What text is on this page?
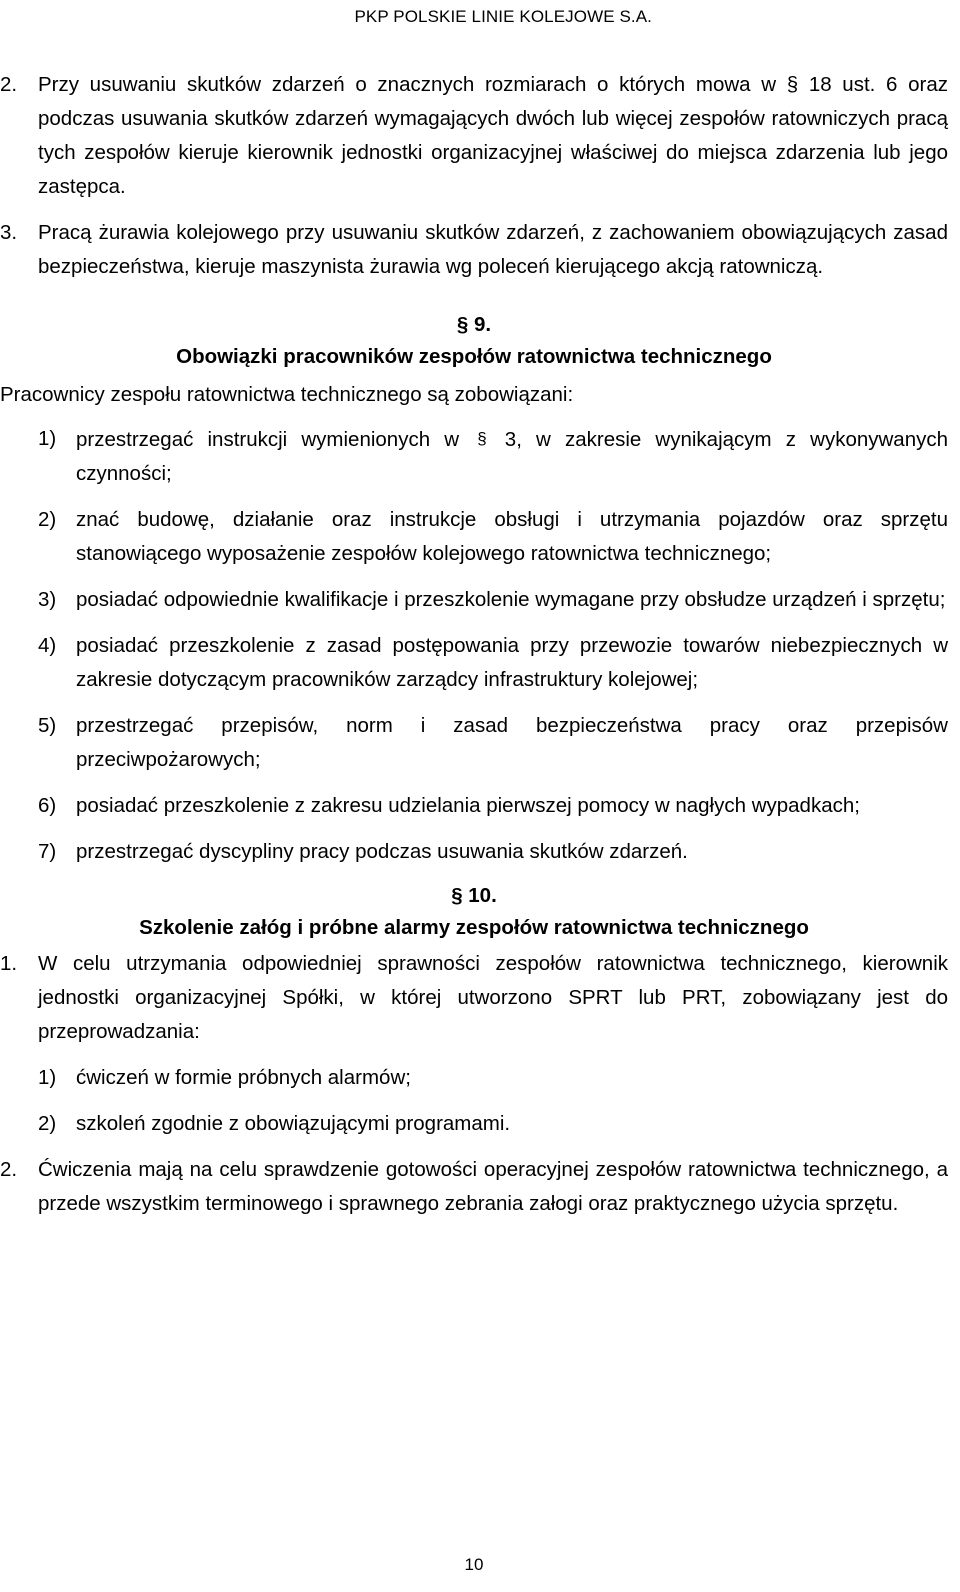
PKP POLSKIE LINIE KOLEJOWE S.A.
2. Przy usuwaniu skutków zdarzeń o znacznych rozmiarach o których mowa w § 18 ust. 6 oraz podczas usuwania skutków zdarzeń wymagających dwóch lub więcej zespołów ratowniczych pracą tych zespołów kieruje kierownik jednostki organizacyjnej właściwej do miejsca zdarzenia lub jego zastępca.
3. Pracą żurawia kolejowego przy usuwaniu skutków zdarzeń, z zachowaniem obowiązujących zasad bezpieczeństwa, kieruje maszynista żurawia wg poleceń kierującego akcją ratowniczą.
§ 9.
Obowiązki pracowników zespołów ratownictwa technicznego
Pracownicy zespołu ratownictwa technicznego są zobowiązani:
1) przestrzegać instrukcji wymienionych w § 3, w zakresie wynikającym z wykonywanych czynności;
2) znać budowę, działanie oraz instrukcje obsługi i utrzymania pojazdów oraz sprzętu stanowiącego wyposażenie zespołów kolejowego ratownictwa technicznego;
3) posiadać odpowiednie kwalifikacje i przeszkolenie wymagane przy obsłudze urządzeń i sprzętu;
4) posiadać przeszkolenie z zasad postępowania przy przewozie towarów niebezpiecznych w zakresie dotyczącym pracowników zarządcy infrastruktury kolejowej;
5) przestrzegać przepisów, norm i zasad bezpieczeństwa pracy oraz przepisów przeciwpożarowych;
6) posiadać przeszkolenie z zakresu udzielania pierwszej pomocy w nagłych wypadkach;
7) przestrzegać dyscypliny pracy podczas usuwania skutków zdarzeń.
§ 10.
Szkolenie załóg i próbne alarmy zespołów ratownictwa technicznego
1. W celu utrzymania odpowiedniej sprawności zespołów ratownictwa technicznego, kierownik jednostki organizacyjnej Spółki, w której utworzono SPRT lub PRT, zobowiązany jest do przeprowadzania:
1) ćwiczeń w formie próbnych alarmów;
2) szkoleń zgodnie z obowiązującymi programami.
2. Ćwiczenia mają na celu sprawdzenie gotowości operacyjnej zespołów ratownictwa technicznego, a przede wszystkim terminowego i sprawnego zebrania załogi oraz praktycznego użycia sprzętu.
10
